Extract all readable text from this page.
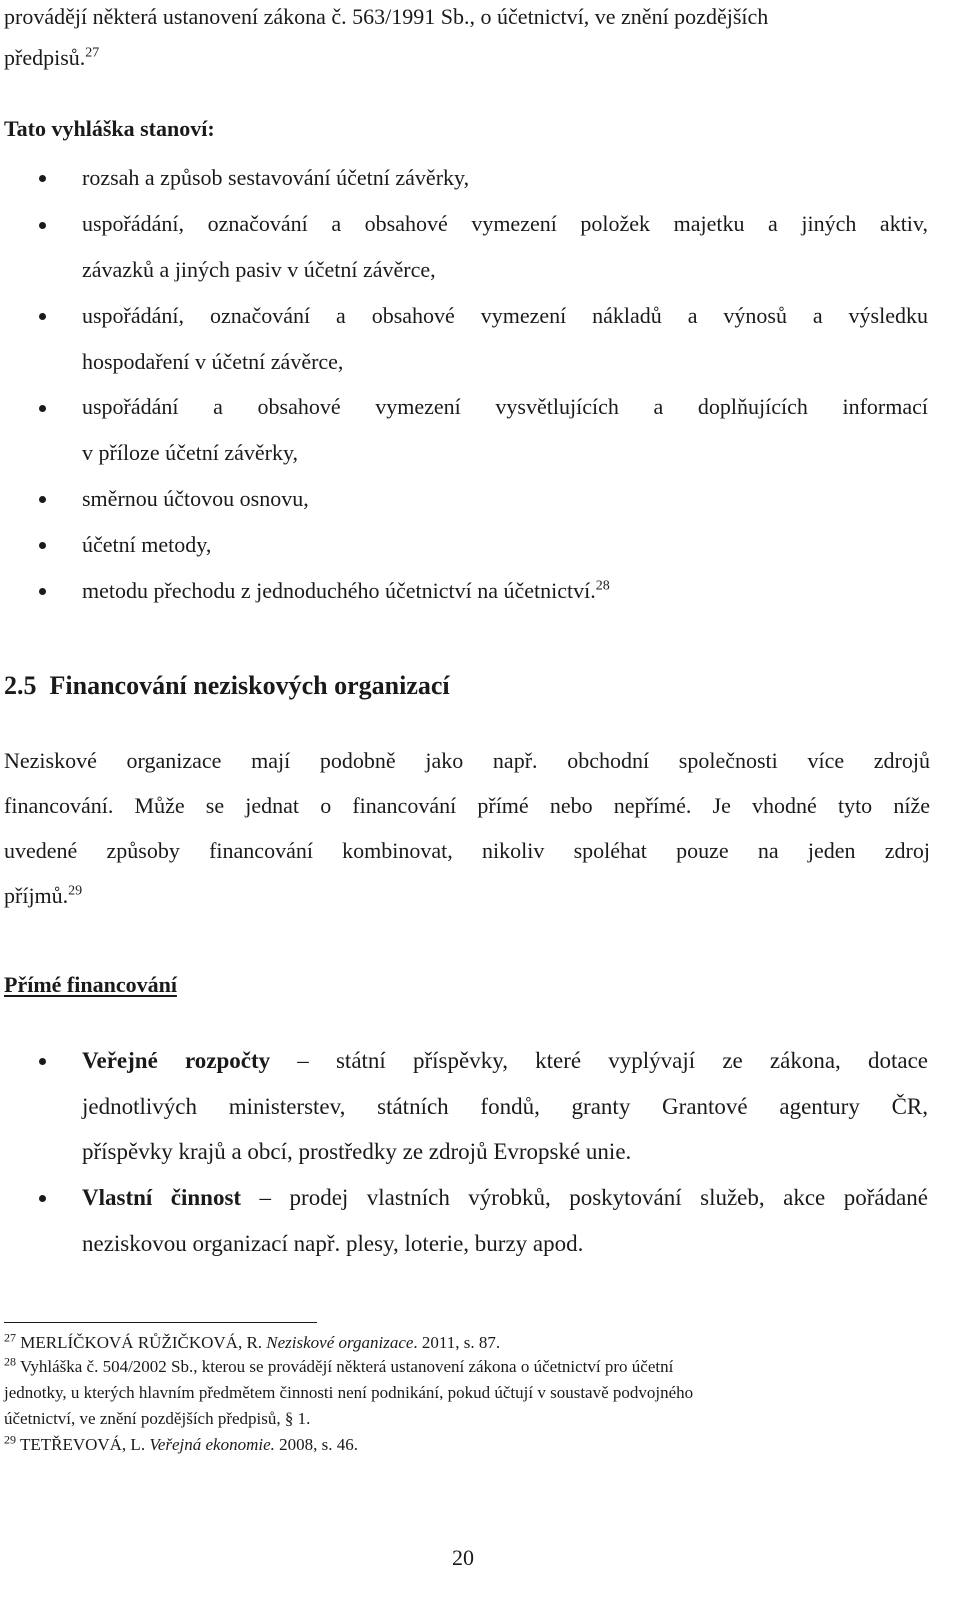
provádějí některá ustanovení zákona č. 563/1991 Sb., o účetnictví, ve znění pozdějších
předpisů.$^{27}$
Tato vyhláška stanoví:
rozsah a způsob sestavování účetní závěrky,
uspořádání, označování a obsahové vymezení položek majetku a jiných aktiv,
závazků a jiných pasiv v účetní závěrce,
uspořádání, označování a obsahové vymezení nákladů a výnosů a výsledku
hospodaření v účetní závěrce,
uspořádání a obsahové vymezení vysvětlujících a doplňujících informací
v příloze účetní závěrky,
směrnou účtovou osnovu,
účetní metody,
metodu přechodu z jednoduchého účetnictví na účetnictví.$^{28}$
2.5  Financování neziskových organizací
Neziskové organizace mají podobně jako např. obchodní společnosti více zdrojů
financování. Může se jednat o financování přímé nebo nepřímé. Je vhodné tyto níže
uvedené způsoby financování kombinovat, nikoliv spoléhat pouze na jeden zdroj
příjmů.$^{29}$
Přímé financování
Veřejné rozpočty – státní příspěvky, které vyplývají ze zákona, dotace
jednotlivých ministerstev, státních fondů, granty Grantové agentury ČR,
příspěvky krajů a obcí, prostředky ze zdrojů Evropské unie.
Vlastní činnost – prodej vlastních výrobků, poskytování služeb, akce pořádané
neziskovou organizací např. plesy, loterie, burzy apod.
$^{27}$ MERLÍČKOVÁ RŮŽIČKOVÁ, R. Neziskové organizace. 2011, s. 87.
$^{28}$ Vyhláška č. 504/2002 Sb., kterou se provádějí některá ustanovení zákona o účetnictví pro účetní
jednotky, u kterých hlavním předmětem činnosti není podnikání, pokud účtují v soustavě podvojného
účetnictví, ve znění pozdějších předpisů, § 1.
$^{29}$ TETŘEVOVÁ, L. Veřejná ekonomie. 2008, s. 46.
20
